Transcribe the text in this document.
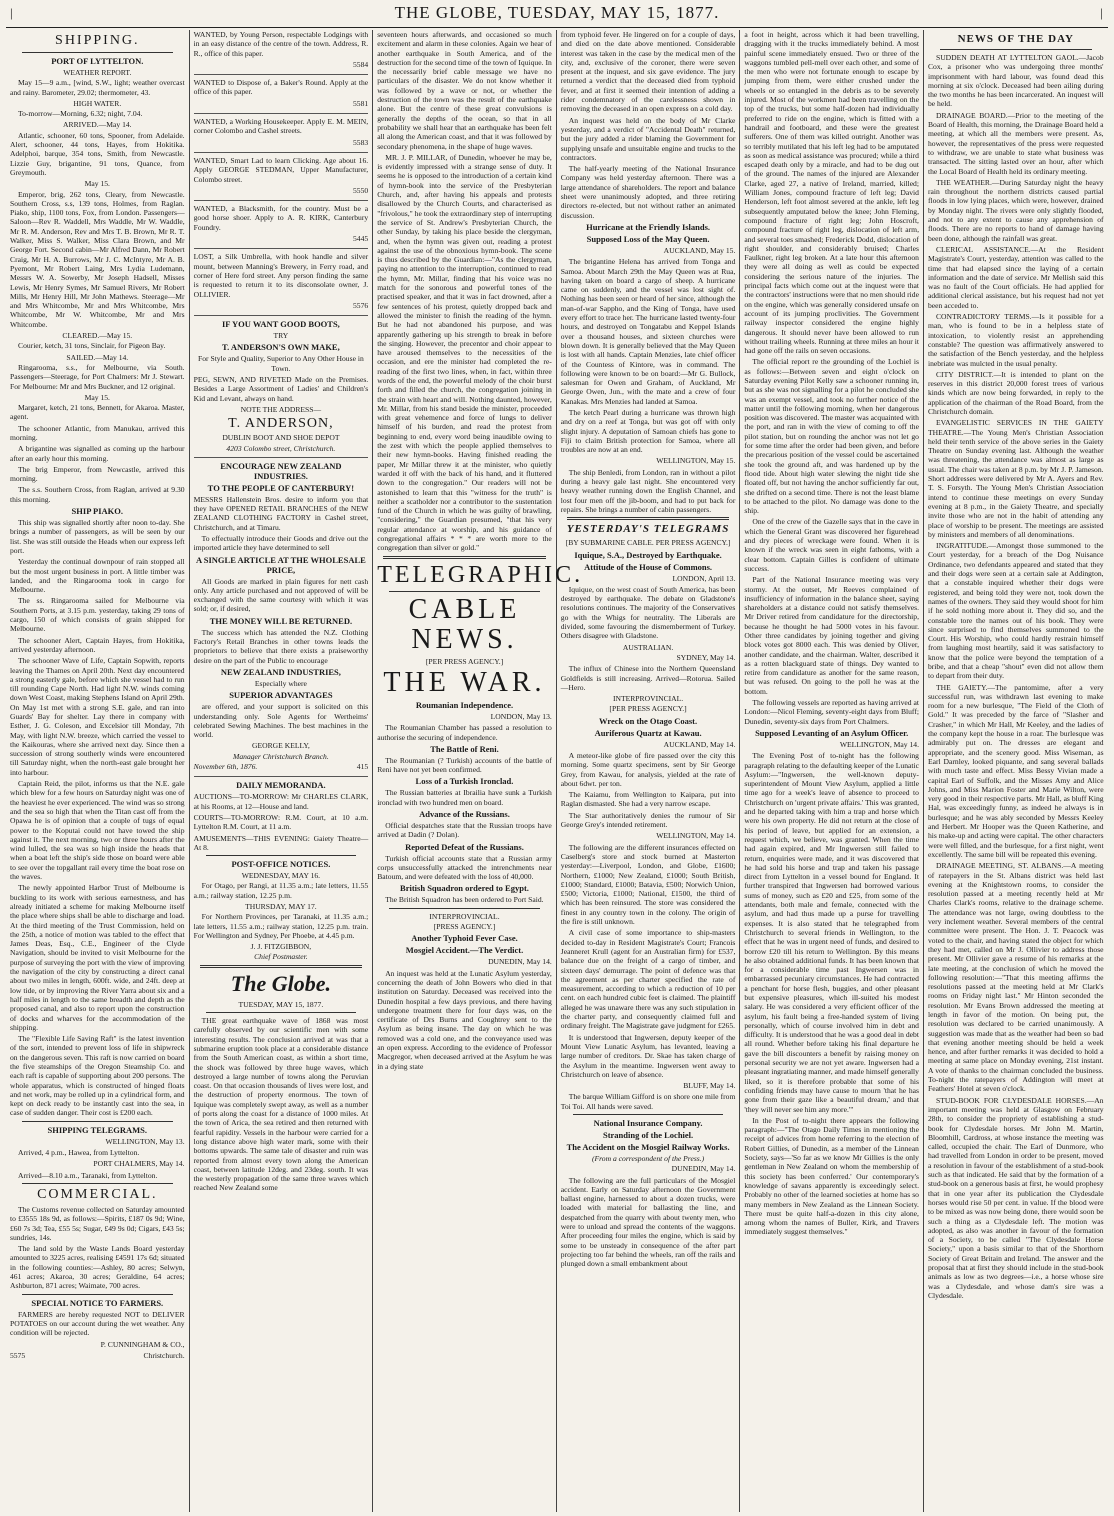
|	THE GLOBE, TUESDAY, MAY 15, 1877.	|
SHIPPING.
PORT OF LYTTELTON.
WEATHER REPORT.

May 15—9 a.m., [wind, S.W., light; weather overcast and rainy. Barometer, 29.02; thermometer, 43.

HIGH WATER.

To-morrow—Morning, 6.32; night, 7.04.

ARRIVED.—May 14.

Atlantic, schooner, 60 tons, Spooner, from Adelaide. Alert, schooner, 44 tons, Hayes, from Hokitika. Adelphoi, barque, 354 tons, Smith, from Newcastle. Lizzie Guy, brigantine, 91 tons, Quance, from Greymouth.

May 15.

Emperor, brig, 262 tons, Cleary, from Newcastle. Southern Cross, s.s, 139 tons, Holmes, from Raglan. Piako, ship, 1100 tons, Fox, from London. Passengers—Saloon—Rev R. Waddell, Mrs Waddle, Mr W. Waddle, Mr R. M. Anderson, Rev and Mrs T. B. Brown, Mr R. T. Walker, Miss S. Walker, Miss Clara Brown, and Mr George Fort. Second cabin—Mr Alfred Dann, Mr Robert Craig, Mr H. A. Burrows, Mr J. C. McIntyre, Mr A. B. Pyemont, Mr Robert Laing, Mrs Lydia Ludemann, Messrs W. A. Sowerby, Mr Joseph Hadsell, Misses Lewis, Mr Henry Symes, Mr Samuel Rivers, Mr Robert Mills, Mr Henry Hill, Mr John Mathews. Steerage—Mr and Mrs Whitcombe, Mr and Mrs Whitcombe, Mrs Whitcombe, Mr W. Whitcombe, Mr and Mrs Whitcombe.

CLEARED.—May 15.

Courier, ketch, 31 tons, Sinclair, for Pigeon Bay.

SAILED.—May 14.

Ringarooma, s.s., for Melbourne, via South. Passengers—Steerage, for Port Chalmers: Mr J. Stewart. For Melbourne: Mr and Mrs Buckner, and 12 original.

May 15.

Margaret, ketch, 21 tons, Bennett, for Akaroa. Master, agent.

The schooner Atlantic, from Manukau, arrived this morning.

A brigantine was signalled as coming up the harbour after an early hour this morning.

The brig Emperor, from Newcastle, arrived this morning.

The s.s. Southern Cross, from Raglan, arrived at 9.30 this morning.

SHIP PIAKO.

This ship was signalled shortly after noon to-day. She brings a number of passengers, as will be seen by our list. She was still outside the Heads when our express left port.

Yesterday the continual downpour of rain stopped all but the most urgent business in port. A little timber was landed, and the Ringarooma took in cargo for Melbourne.

The ss. Ringarooma sailed for Melbourne via Southern Ports, at 3.15 p.m. yesterday, taking 29 tons of cargo, 150 of which consists of grain shipped for Melbourne.

The schooner Alert, Captain Hayes, from Hokitika, arrived yesterday afternoon.

The schooner Wave of Life, Captain Sopwith, reports leaving the Thames on April 20th. Next day encountered a strong easterly gale, before which she vessel had to run till rounding Cape North. Had light N.W. winds coming down West Coast, making Stephens Island on April 29th. On May 1st met with a strong S.E. gale, and ran into Guards' Bay for shelter. Lay there in company with Esther, J. G. Coleson, and Excelsior till Monday, 7th May, with light N.W. breeze, which carried the vessel to the Kaikouras, where she arrived next day. Since then a succession of strong southerly winds were encountered till Saturday night, when the north-east gale brought her into harbour.

Captain Reid, the pilot, informs us that the N.E. gale which blew for a few hours on Saturday night was one of the heaviest he ever experienced. The wind was so strong and the sea so high that when the Titan cast off from the Opawa he is of opinion that a couple of tugs of equal power to the Koputai could not have towed the ship against it. The next morning, two or three hours after the wind lulled, the sea was so high inside the heads that when a boat left the ship's side those on board were able to see over the topgallant rail every time the boat rose on the waves.

The newly appointed Harbor Trust of Melbourne is buckling to its work with serious earnestness, and has already initiated a scheme for making Melbourne itself the place where ships shall be able to discharge and load. At the third meeting of the Trust Commission, held on the 25th, a notice of motion was tabled to the effect that James Deas, Esq., C.E., Engineer of the Clyde Navigation, should be invited to visit Melbourne for the purpose of surveying the port with the view of improving the navigation of the city by constructing a direct canal about two miles in length, 600ft. wide, and 24ft. deep at low tide, or by improving the River Yarra about six and a half miles in length to the same breadth and depth as the proposed canal, and also to report upon the construction of docks and wharves for the accommodation of the shipping.

The "Flexible Life Saving Raft" is the latest invention of the sort, intended to prevent loss of life in shipwreck on the dangerous seven. This raft is now carried on board the five steamships of the Oregon Steamship Co. and each raft is capable of supporting about 200 persons. The whole apparatus, which is constructed of hinged floats and net work, may be rolled up in a cylindrical form, and kept on deck ready to be instantly cast into the sea, in case of sudden danger. Their cost is £200 each.

SHIPPING TELEGRAMS.

WELLINGTON, May 13.

Arrived, 4 p.m., Hawea, from Lyttelton.

PORT CHALMERS, May 14.

Arrived—8.10 a.m., Taranaki, from Lyttelton.

COMMERCIAL.

The Customs revenue collected on Saturday amounted to £3555 18s 9d, as follows:—Spirits, £187 0s 9d; Wine, £60 7s 3d; Tea, £55 5s; Sugar, £49 9s 0d; Cigars, £43 5s; sundries, 14s.

The land sold by the Waste Lands Board yesterday amounted to 3225 acres, realising £4591 17s 6d; situated in the following counties:—Ashley, 80 acres; Selwyn, 461 acres; Akaroa, 30 acres; Geraldine, 64 acres; Ashburton, 871 acres; Waimate, 700 acres.

SPECIAL NOTICE TO FARMERS.

FARMERS are hereby requested NOT to DELIVER POTATOES on our account during the wet weather. Any condition will be rejected.

P. CUNNINGHAM & CO.,

5575	Christchurch.

WANTED, by Young Person, respectable Lodgings with in an easy distance of the centre of the town. Address, R. R., office of this paper.

5584

WANTED to Dispose of, a Baker's Round. Apply at the office of this paper.

5581

WANTED, a Working Housekeeper. Apply E. M. MEIN, corner Colombo and Cashel streets.

5583

WANTED, Smart Lad to learn Clicking. Age about 16. Apply GEORGE STEDMAN, Upper Manufacturer, Colombo street.

5550

WANTED, a Blacksmith, for the country. Must be a good horse shoer. Apply to A. R. KIRK, Canterbury Foundry.

5445

LOST, a Silk Umbrella, with hook handle and silver mount, between Manning's Brewery, in Ferry road, and corner of Here ford street. Any person finding the same is requested to return it to its disconsolate owner, J. OLLIVIER.

5576

IF YOU WANT GOOD BOOTS,
TRY
T. ANDERSON'S OWN MAKE,

For Style and Quality, Superior to Any Other House in Town.

PEG, SEWN, AND RIVETED Made on the Premises. Besides a Large Assortment of Ladies' and Children's Kid and Levant, always on hand.

NOTE THE ADDRESS—
T. ANDERSON,
DUBLIN BOOT AND SHOE DEPOT
4203 Colombo street, Christchurch.
ENCOURAGE NEW ZEALAND INDUSTRIES.
TO THE PEOPLE OF CANTERBURY!

MESSRS Hallenstein Bros. desire to inform you that they have OPENED RETAIL BRANCHES of the NEW ZEALAND CLOTHING FACTORY in Cashel street, Christchurch, and at Timaru.

To effectually introduce their Goods and drive out the imported article they have determined to sell

A SINGLE ARTICLE AT THE WHOLESALE PRICE,

All Goods are marked in plain figures for nett cash only. Any article purchased and not approved of will be exchanged with the same courtesy with which it was sold; or, if desired,

THE MONEY WILL BE RETURNED.

The success which has attended the N.Z. Clothing Factory's Retail Branches in other towns leads the proprietors to believe that there exists a praiseworthy desire on the part of the Public to encourage

NEW ZEALAND INDUSTRIES,
Especially where
SUPERIOR ADVANTAGES

are offered, and your support is solicited on this understanding only. Sole Agents for Wertheims' celebrated Sewing Machines. The best machines in the world.

GEORGE KELLY,
Manager Christchurch Branch.

November 6th, 1876.	415

DAILY MEMORANDA.

AUCTIONS—TO-MORROW: Mr CHARLES CLARK, at his Rooms, at 12—House and land.

COURTS—TO-MORROW: R.M. Court, at 10 a.m. Lyttelton R.M. Court, at 11 a.m.

AMUSEMENTS—THIS EVENING: Gaiety Theatre—At 8.

POST-OFFICE NOTICES.
WEDNESDAY, MAY 16.

For Otago, per Rangi, at 11.35 a.m.; late letters, 11.55 a.m.; railway station, 12.25 p.m.

THURSDAY, MAY 17.

For Northern Provinces, per Taranaki, at 11.35 a.m.; late letters, 11.55 a.m.; railway station, 12.25 p.m. train. For Wellington and Sydney, Per Phoebe, at 4.45 p.m.

J. J. FITZGIBBON,
Chief Postmaster.
The Globe.
TUESDAY, MAY 15, 1877.

THE great earthquake wave of 1868 was most carefully observed by our scientific men with some interesting results. The conclusion arrived at was that a submarine eruption took place at a considerable distance from the South American coast, as within a short time, the shock was followed by three huge waves, which destroyed a large number of towns along the Peruvian coast. On that occasion thousands of lives were lost, and the destruction of property enormous. The town of Iquique was completely swept away, as well as a number of ports along the coast for a distance of 1000 miles. At the town of Arica, the sea retired and then returned with fearful rapidity. Vessels in the harbour were carried for a long distance above high water mark, some with their bottoms upwards. The same tale of disaster and ruin was reported from almost every town along the American coast, between latitude 12deg. and 23deg. south. It was the westerly propagation of the same three waves which reached New Zealand some

seventeen hours afterwards, and occasioned so much excitement and alarm in these colonies. Again we hear of another earthquake in South America, and of the destruction for the second time of the town of Iquique. In the necessarily brief cable message we have no particulars of the disaster. We do not know whether it was followed by a wave or not, or whether the destruction of the town was the result of the earthquake alone. But the centre of these great convulsions is generally the depths of the ocean, so that in all probability we shall hear that an earthquake has been felt all along the American coast, and that it was followed by secondary phenomena, in the shape of huge waves.

MR. J. P. MILLAR, of Dunedin, whoever he may be, is evidently impressed with a strange sense of duty. It seems he is opposed to the introduction of a certain kind of hymn-book into the service of the Presbyterian Church, and, after having his appeals and protests disallowed by the Church Courts, and characterised as "frivolous," he took the extraordinary step of interrupting the service of St. Andrew's Presbyterian Church, the other Sunday, by taking his place beside the clergyman, and, when the hymn was given out, reading a protest against the use of the obnoxious hymn-book. The scene is thus described by the Guardian:—"As the clergyman, paying no attention to the interruption, continued to read the hymn, Mr. Millar, finding that his voice was no match for the sonorous and powerful tones of the practised speaker, and that it was in fact drowned, after a few sentences of his protest, quietly dropped back and allowed the minister to finish the reading of the hymn. But he had not abandoned his purpose, and was apparently gathering up his strength to break in before the singing. However, the precentor and choir appear to have aroused themselves to the necessities of the occasion, and ere the minister had completed the re-reading of the first two lines, when, in fact, within three words of the end, the powerful melody of the choir burst forth and filled the church, the congregation joining in the strain with heart and will. Nothing daunted, however, Mr. Millar, from his stand beside the minister, proceeded with great vehemence and force of lungs to deliver himself of his burden, and read the protest from beginning to end, every word being inaudible owing to the zest with which the people applied themselves to their new hymn-books. Having finished reading the paper, Mr Millar threw it at the minister, who quietly warded it off with the back of his hand, and it fluttered down to the congregation." Our readers will not be astonished to learn that this "witness for the truth" is neither a scatholder nor a contributor to the sustentation fund of the Church in which he was guilty of brawling, "considering," the Guardian presumed, "that his very regular attendance at worship, and his guidance of congregational affairs * * * are worth more to the congregation than silver or gold."

TELEGRAPHIC.
CABLE NEWS.
[PER PRESS AGENCY.]
THE WAR.
Roumanian Independence.

LONDON, May 13.

The Roumanian Chamber has passed a resolution to authorise the securing of independence.

The Battle of Reni.

The Roumanian (? Turkish) accounts of the battle of Reni have not yet been confirmed.

Loss of a Turkish Ironclad.

The Russian batteries at Ibrailia have sunk a Turkish ironclad with two hundred men on board.

Advance of the Russians.

Official despatches state that the Russian troops have arrived at Dadin (? Dolan).

Reported Defeat of the Russians.

Turkish official accounts state that a Russian army corps unsuccessfully attacked the intrenchments near Batoum, and were defeated with the loss of 40,000.

British Squadron ordered to Egypt.

The British Squadron has been ordered to Port Said.

INTERPROVINCIAL.
[PRESS AGENCY.]
Another Typhoid Fever Case.
Mosgiel Accident.—The Verdict.

DUNEDIN, May 14.

An inquest was held at the Lunatic Asylum yesterday, concerning the death of John Bowers who died in that institution on Saturday. Deceased was received into the Dunedin hospital a few days previous, and there having undergone treatment there for four days was, on the certificate of Drs Burns and Coughtrey sent to the Asylum as being insane. The day on which he was removed was a cold one, and the conveyance used was an open express. According to the evidence of Professor Macgregor, when deceased arrived at the Asylum he was in a dying state

from typhoid fever. He lingered on for a couple of days, and died on the date above mentioned. Considerable interest was taken in the case by the medical men of the city, and, exclusive of the coroner, there were seven present at the inquest, and six gave evidence. The jury returned a verdict that the deceased died from typhoid fever, and at first it seemed their intention of adding a rider condemnatory of the carelessness shown in removing the deceased in an open express on a cold day.

An inquest was held on the body of Mr Clarke yesterday, and a verdict of "Accidental Death" returned, but the jury added a rider blaming the Government for supplying unsafe and unsuitable engine and trucks to the contractors.

The half-yearly meeting of the National Insurance Company was held yesterday afternoon. There was a large attendance of shareholders. The report and balance sheet were unanimously adopted, and three retiring directors re-elected, but not without rather an animated discussion.

Hurricane at the Friendly Islands.
Supposed Loss of the May Queen.

AUCKLAND, May 15.

The brigantine Helena has arrived from Tonga and Samoa. About March 29th the May Queen was at Rua, having taken on board a cargo of sheep. A hurricane came on suddenly, and the vessel was lost sight of. Nothing has been seen or heard of her since, although the man-of-war Sappho, and the King of Tonga, have used every effort to trace her. The hurricane lasted twenty-four hours, and destroyed on Tongatabu and Keppel Islands over a thousand houses, and sixteen churches were blown down. It is generally believed that the May Queen is lost with all hands. Captain Menzies, late chief officer of the Countess of Kintore, was in command. The following were known to be on board:—Mr G. Bullock, salesman for Owen and Graham, of Auckland, Mr George Owen, Jun., with the mate and a crew of four Kanakas. Mrs Menzies had landed at Samoa.

The ketch Pearl during a hurricane was thrown high and dry on a reef at Tonga, but was got off with only slight injury. A deputation of Samoan chiefs has gone to Fiji to claim British protection for Samoa, where all troubles are now at an end.

WELLINGTON, May 15.

The ship Benledi, from London, ran in without a pilot during a heavy gale last night. She encountered very heavy weather running down the English Channel, and lost four men off the jib-boom, and had to put back for repairs. She brings a number of cabin passengers.

YESTERDAY'S TELEGRAMS
[BY SUBMARINE CABLE. PER PRESS AGENCY.]
Iquique, S.A., Destroyed by Earthquake.
Attitude of the House of Commons.

LONDON, April 13.

Iquique, on the west coast of South America, has been destroyed by earthquake. The debate on Gladstone's resolutions continues. The majority of the Conservatives go with the Whigs for neutrality. The Liberals are divided, some favouring the dismemberment of Turkey. Others disagree with Gladstone.

AUSTRALIAN.

SYDNEY, May 14.

The influx of Chinese into the Northern Queensland Goldfields is still increasing. Arrived—Rotorua. Sailed—Hero.

INTERPROVINCIAL.
[PER PRESS AGENCY.]
Wreck on the Otago Coast.
Auriferous Quartz at Kawau.

AUCKLAND, May 14.

A meteor-like globe of fire passed over the city this morning. Some quartz specimens, sent by Sir George Grey, from Kawau, for analysis, yielded at the rate of about 6dwt. per ton.

The Kaiamu, from Wellington to Kaipara, put into Raglan dismasted. She had a very narrow escape.

The Star authoritatively denies the rumour of Sir George Grey's intended retirement.

WELLINGTON, May 14.

The following are the different insurances effected on Caselberg's store and stock burned at Masterton yesterday:—Liverpool, London, and Globe, £1600; Northern, £1000; New Zealand, £1000; South British, £1000; Standard, £1000; Batavia, £500; Norwich Union, £500; Victoria, £1000; National, £1500, the third of which has been reinsured. The store was considered the finest in any country town in the colony. The origin of the fire is still unknown.

A civil case of some importance to ship-masters decided to-day in Resident Magistrate's Court; Francois Jeanneret Krull (agent for an Australian firm) for £537, balance due on the freight of a cargo of timber, and sixteen days' demurrage. The point of defence was that the agreement as per charter specified the rate of measurement, according to which a reduction of 10 per cent. on each hundred cubic feet is claimed. The plaintiff alleged he was unaware there was any such stipulation in the charter party, and consequently claimed full and ordinary freight. The Magistrate gave judgment for £265.

It is understood that Ingwersen, deputy keeper of the Mount View Lunatic Asylum, has levanted, leaving a large number of creditors. Dr. Skae has taken charge of the Asylum in the meantime. Ingwersen went away to Christchurch on leave of absence.

BLUFF, May 14.

The barque William Gifford is on shore one mile from Toi Toi. All hands were saved.

National Insurance Company.
Stranding of the Lochiel.
The Accident on the Mosgiel Railway Works.
(From a correspondent of the Press.)

DUNEDIN, May 14.

The following are the full particulars of the Mosgiel accident. Early on Saturday afternoon the Government ballast engine, harnessed to about a dozen trucks, were loaded with material for ballasting the line, and despatched from the quarry with about twenty men, who were to unload and spread the contents of the waggons. After proceeding four miles the engine, which is said by some to be unsteady in consequence of the after part projecting too far behind the wheels, ran off the rails and plunged down a small embankment about

a foot in height, across which it had been travelling, dragging with it the trucks immediately behind. A most painful scene immediately ensued. Two or three of the waggons tumbled pell-mell over each other, and some of the men who were not fortunate enough to escape by jumping from them, were either crushed under the wheels or so entangled in the debris as to be severely injured. Most of the workmen had been travelling on the top of the trucks, but some half-dozen had individually preferred to ride on the engine, which is fitted with a handrail and footboard, and these were the greatest sufferers. One of them was killed outright. Another was so terribly mutilated that his left leg had to be amputated as soon as medical assistance was procured; while a third escaped death only by a miracle, and had to be dug out of the ground. The names of the injured are Alexander Clarke, aged 27, a native of Ireland, married, killed; William Jones, compound fracture of left leg; David Henderson, left foot almost severed at the ankle, left leg subsequently amputated below the knee; John Fleming, compound fracture of right leg; John Hoscroft, compound fracture of right leg, dislocation of left arm, and several toes smashed; Frederick Dodd, dislocation of right shoulder, and considerably bruised; Charles Faulkner, right leg broken. At a late hour this afternoon they were all doing as well as could be expected considering the serious nature of the injuries. The principal facts which come out at the inquest were that the contractors' instructions were that no men should ride on the engine, which was generally considered unsafe on account of its jumping proclivities. The Government railway inspector considered the engine highly dangerous. It should never have been allowed to run without trailing wheels. Running at three miles an hour it had gone off the rails on seven occasions.

The official report re the grounding of the Lochiel is as follows:—Between seven and eight o'clock on Saturday evening Pilot Kelly saw a schooner running in, but as she was not signalling for a pilot he concluded she was an exempt vessel, and took no further notice of the matter until the following morning, when her dangerous position was discovered. The master was acquainted with the port, and ran in with the view of coming to off the pilot station, but on rounding the anchor was not let go for some time after the order had been given, and before the precarious position of the vessel could be ascertained she took the ground aft, and was hardened up by the flood tide. About high water slewing the night tide she floated off, but not having the anchor sufficiently far out, she drifted on a second time. There is not the least blame to be attached to the pilot. No damage was done to the ship.

One of the crew of the Gazelle says that in the cave in which the General Grant was discovered her figurehead and dry pieces of wreckage were found. When it is known if the wreck was seen in eight fathoms, with a clear bottom. Captain Gilles is confident of ultimate success.

Part of the National Insurance meeting was very stormy. At the outset, Mr Reeves complained of insufficiency of information in the balance sheet, saying shareholders at a distance could not satisfy themselves. Mr Driver retired from candidature for the directorship, because he thought he had 5000 votes in his favour. Other three candidates by joining together and giving block votes got 8000 each. This was denied by Oliver, another candidate, and the chairman. Walter, described it as a rotten blackguard state of things. Dey wanted to retire from candidature as another for the same reason, but was refused. On going to the poll he was at the bottom.

The following vessels are reported as having arrived at London:—Nicol Fleming, seventy-eight days from Bluff; Dunedin, seventy-six days from Port Chalmers.

Supposed Levanting of an Asylum Officer.

WELLINGTON, May 14.

The Evening Post of to-night has the following paragraph relating to the defaulting keeper of the Lunatic Asylum:—"Ingwersen, the well-known deputy-superintendent of Mount View Asylum, applied a little time ago for a week's leave of absence to proceed to Christchurch on 'urgent private affairs.' This was granted, and he departed taking with him a trap and horse which were his own property. He did not return at the close of his period of leave, but applied for an extension, a request which, we believe, was granted. When the time had again expired, and Mr Ingwersen still failed to return, enquiries were made, and it was discovered that he had sold his horse and trap and taken his passage direct from Lyttelton in a vessel bound for England. It further transpired that Ingwersen had borrowed various sums of money, such as £20 and £25, from some of the attendants, both male and female, connected with the asylum, and had thus made up a purse for travelling expenses. It is also stated that he telegraphed from Christchurch to several friends in Wellington, to the effect that he was in urgent need of funds, and desired to borrow £20 till his return to Wellington. By this means he also obtained additional funds. It has been known that for a considerable time past Ingwersen was in embarrassed pecuniary circumstances. He had contracted a penchant for horse flesh, buggies, and other pleasant but expensive pleasures, which ill-suited his modest salary. He was considered a very efficient officer of the asylum, his fault being a free-handed system of living personally, which of course involved him in debt and difficulty. It is understood that he was a good deal in debt all round. Whether before taking his final departure he gave the bill discounters a benefit by raising money on personal security we are not yet aware. Ingwersen had a pleasant ingratiating manner, and made himself generally liked, so it is therefore probable that some of his confiding friends may have cause to mourn 'that he has gone from their gaze like a beautiful dream,' and that 'they will never see him any more.'"

In the Post of to-night there appears the following paragraph:—"The Otago Daily Times in mentioning the receipt of advices from home referring to the election of Robert Gillies, of Dunedin, as a member of the Linnean Society, says—'So far as we know Mr Gillies is the only gentleman in New Zealand on whom the membership of this society has been conferred.' Our contemporary's knowledge of savans apparently is exceedingly select. Probably no other of the learned societies at home has so many members in New Zealand as the Linnean Society. There must be quite half-a-dozen in this city alone, among whom the names of Buller, Kirk, and Travers immediately suggest themselves."

NEWS OF THE DAY

SUDDEN DEATH AT LYTTELTON GAOL.—Jacob Cox, a prisoner who was undergoing three months' imprisonment with hard labour, was found dead this morning at six o'clock. Deceased had been ailing during the two months he has been incarcerated. An inquest will be held.

DRAINAGE BOARD.—Prior to the meeting of the Board of Health, this morning, the Drainage Board held a meeting, at which all the members were present. As, however, the representatives of the press were requested to withdraw, we are unable to state what business was transacted. The sitting lasted over an hour, after which the Local Board of Health held its ordinary meeting.

THE WEATHER.—During Saturday night the heavy rain throughout the northern districts caused partial floods in low lying places, which were, however, drained by Monday night. The rivers were only slightly flooded, and not to any extent to cause any apprehension of floods. There are no reports to hand of damage having been done, although the rainfall was great.

CLERICAL ASSISTANCE.—At the Resident Magistrate's Court, yesterday, attention was called to the time that had elapsed since the laying of a certain information and the date of service. Mr Mellish said this was no fault of the Court officials. He had applied for additional clerical assistance, but his request had not yet been acceded to.

CONTRADICTORY TERMS.—Is it possible for a man, who is found to be in a helpless state of intoxication, to violently resist an apprehending constable? The question was affirmatively answered to the satisfaction of the Bench yesterday, and the helpless inebriate was mulcted in the usual penalty.

CITY DISTRICT.—It is intended to plant on the reserves in this district 20,000 forest trees of various kinds which are now being forwarded, in reply to the application of the chairman of the Road Board, from the Christchurch domain.

EVANGELISTIC SERVICES IN THE GAIETY THEATRE.—The Young Men's Christian Association held their tenth service of the above series in the Gaiety Theatre on Sunday evening last. Although the weather was threatening, the attendance was almost as large as usual. The chair was taken at 8 p.m. by Mr J. P. Jameson. Short addresses were delivered by Mr A. Ayers and Rev. T. S. Forsyth. The Young Men's Christian Association intend to continue these meetings on every Sunday evening at 8 p.m., in the Gaiety Theatre, and specially invite those who are not in the habit of attending any place of worship to be present. The meetings are assisted by ministers and members of all denominations.

INGRATITUDE.—Amongst those summoned to the Court yesterday, for a breach of the Dog Nuisance Ordinance, two defendants appeared and stated that they and their dogs were seen at a certain sale at Addington, that a constable inquired whether their dogs were registered, and being told they were not, took down the names of the owners. They said they would shoot for him if he sold nothing more about it. They did so, and the constable tore the names out of his book. They were since surprised to find themselves summoned to the Court. His Worship, who could hardly restrain himself from laughing most heartily, said it was satisfactory to know that the police were beyond the temptation of a bribe, and that a cheap "shout" even did not allow them to depart from their duty.

THE GAIETY.—The pantomime, after a very successful run, was withdrawn last evening to make room for a new burlesque, "The Field of the Cloth of Gold." It was preceded by the farce of "Slasher and Crasher," in which Mr Hall, Mr Keeley, and the ladies of the company kept the house in a roar. The burlesque was admirably put on. The dresses are elegant and appropriate, and the scenery good. Miss Wiseman, as Earl Darnley, looked piquante, and sang several ballads with much taste and effect. Miss Bessy Vivian made a capital Earl of Suffolk, and the Misses Amy and Alice Johns, and Miss Marion Foster and Marie Wilton, were very good in their respective parts. Mr Hall, as bluff King Hal, was exceedingly funny, as indeed he always is in burlesque; and he was ably seconded by Messrs Keeley and Herbert. Mr Hooper was the Queen Katherine, and his make-up and acting were capital. The other characters were well filled, and the burlesque, for a first night, went excellently. The same bill will be repeated this evening.

DRAINAGE MEETING, ST. ALBANS.—A meeting of ratepayers in the St. Albans district was held last evening at the Knightstown rooms, to consider the resolution passed at a meeting recently held at Mr Charles Clark's rooms, relative to the drainage scheme. The attendance was not large, owing doubtless to the very inclement weather. Several members of the central committee were present. The Hon. J. T. Peacock was voted to the chair, and having stated the object for which they had met, called on Mr J. Ollivier to address those present. Mr Ollivier gave a resume of his remarks at the late meeting, at the conclusion of which he moved the following resolution:—"That this meeting affirms the resolutions passed at the meeting held at Mr Clark's rooms on Friday night last." Mr Hinton seconded the resolution. Mr Evans Brown addressed the meeting at length in favor of the motion. On being put, the resolution was declared to be carried unanimously. A suggestion was made that as the weather had been so bad that evening another meeting should be held a week hence, and after further remarks it was decided to hold a meeting at same place on Monday evening, 21st instant. A vote of thanks to the chairman concluded the business. To-night the ratepayers of Addington will meet at Feathers' Hotel at seven o'clock.

STUD-BOOK FOR CLYDESDALE HORSES.—An important meeting was held at Glasgow on February 28th, to consider the propriety of establishing a stud-book for Clydesdale horses. Mr John M. Martin, Bloomhill, Cardross, at whose instance the meeting was called, occupied the chair. The Earl of Dunmore, who had travelled from London in order to be present, moved a resolution in favour of the establishment of a stud-book such as that indicated. He said that by the formation of a stud-book on a generous basis at first, he would prophesy that in one year after its publication the Clydesdale horses would rise 50 per cent. in value. If the blood were to be mixed as was now being done, there would soon be such a thing as a Clydesdale left. The motion was adopted, as also was another in favour of the formation of a Society, to be called "The Clydesdale Horse Society," upon a basis similar to that of the Shorthorn Society of Great Britain and Ireland. The answer and the proposal that at first they should include in the stud-book animals as low as two degrees—i.e., a horse whose sire was a Clydesdale, and whose dam's sire was a Clydesdale.
